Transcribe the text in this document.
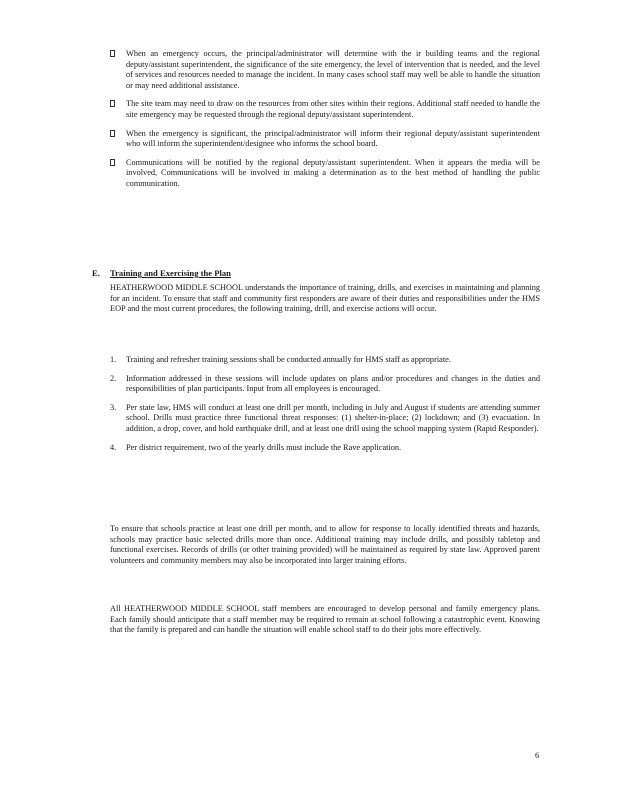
When an emergency occurs, the principal/administrator will determine with the ir building teams and the regional deputy/assistant superintendent, the significance of the site emergency, the level of intervention that is needed, and the level of services and resources needed to manage the incident. In many cases school staff may well be able to handle the situation or may need additional assistance.
The site team may need to draw on the resources from other sites within their regions. Additional staff needed to handle the site emergency may be requested through the regional deputy/assistant superintendent.
When the emergency is significant, the principal/administrator will inform their regional deputy/assistant superintendent who will inform the superintendent/designee who informs the school board.
Communications will be notified by the regional deputy/assistant superintendent. When it appears the media will be involved, Communications will be involved in making a determination as to the best method of handling the public communication.
E. Training and Exercising the Plan
HEATHERWOOD MIDDLE SCHOOL understands the importance of training, drills, and exercises in maintaining and planning for an incident. To ensure that staff and community first responders are aware of their duties and responsibilities under the HMS EOP and the most current procedures, the following training, drill, and exercise actions will occur.
1. Training and refresher training sessions shall be conducted annually for HMS staff as appropriate.
2. Information addressed in these sessions will include updates on plans and/or procedures and changes in the duties and responsibilities of plan participants. Input from all employees is encouraged.
3. Per state law, HMS will conduct at least one drill per month, including in July and August if students are attending summer school. Drills must practice three functional threat responses: (1) shelter-in-place; (2) lockdown; and (3) evacuation. In addition, a drop, cover, and hold earthquake drill, and at least one drill using the school mapping system (Rapid Responder).
4. Per district requirement, two of the yearly drills must include the Rave application.
To ensure that schools practice at least one drill per month, and to allow for response to locally identified threats and hazards, schools may practice basic selected drills more than once. Additional training may include drills, and possibly tabletop and functional exercises. Records of drills (or other training provided) will be maintained as required by state law. Approved parent volunteers and community members may also be incorporated into larger training efforts.
All HEATHERWOOD MIDDLE SCHOOL staff members are encouraged to develop personal and family emergency plans. Each family should anticipate that a staff member may be required to remain at school following a catastrophic event. Knowing that the family is prepared and can handle the situation will enable school staff to do their jobs more effectively.
6
